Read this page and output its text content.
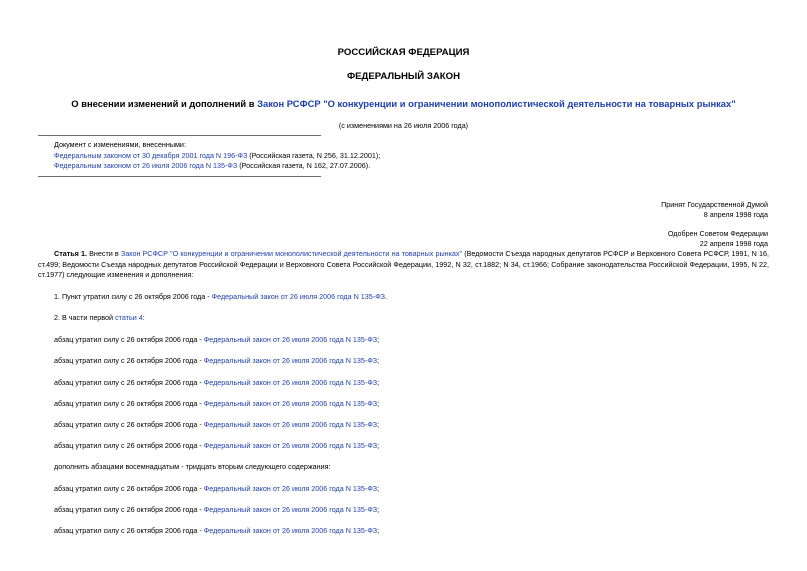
РОССИЙСКАЯ ФЕДЕРАЦИЯ
ФЕДЕРАЛЬНЫЙ ЗАКОН
О внесении изменений и дополнений в Закон РСФСР "О конкуренции и ограничении монополистической деятельности на товарных рынках"
(с изменениями на 26 июля 2006 года)
Документ с изменениями, внесенными:
Федеральным законом от 30 декабря 2001 года N 196-ФЗ (Российская газета, N 256, 31.12.2001);
Федеральным законом от 26 июля 2006 года N 135-ФЗ (Российская газета, N 162, 27.07.2006).
Принят Государственной Думой
8 апреля 1998 года
Одобрен Советом Федерации
22 апреля 1998 года
Статья 1. Внести в Закон РСФСР "О конкуренции и ограничении монополистической деятельности на товарных рынках" (Ведомости Съезда народных депутатов РСФСР и Верховного Совета РСФСР, 1991, N 16, ст.499; Ведомости Съезда народных депутатов Российской Федерации и Верховного Совета Российской Федерации, 1992, N 32, ст.1882; N 34, ст.1966; Собрание законодательства Российской Федерации, 1995, N 22, ст.1977) следующие изменения и дополнения:
1. Пункт утратил силу с 26 октября 2006 года - Федеральный закон от 26 июля 2006 года N 135-ФЗ.
2. В части первой статьи 4:
абзац утратил силу с 26 октября 2006 года - Федеральный закон от 26 июля 2006 года N 135-ФЗ;
абзац утратил силу с 26 октября 2006 года - Федеральный закон от 26 июля 2006 года N 135-ФЗ;
абзац утратил силу с 26 октября 2006 года - Федеральный закон от 26 июля 2006 года N 135-ФЗ;
абзац утратил силу с 26 октября 2006 года - Федеральный закон от 26 июля 2006 года N 135-ФЗ;
абзац утратил силу с 26 октября 2006 года - Федеральный закон от 26 июля 2006 года N 135-ФЗ;
абзац утратил силу с 26 октября 2006 года - Федеральный закон от 26 июля 2006 года N 135-ФЗ;
дополнить абзацами восемнадцатым - тридцать вторым следующего содержания:
абзац утратил силу с 26 октября 2006 года - Федеральный закон от 26 июля 2006 года N 135-ФЗ;
абзац утратил силу с 26 октября 2006 года - Федеральный закон от 26 июля 2006 года N 135-ФЗ;
абзац утратил силу с 26 октября 2006 года - Федеральный закон от 26 июля 2006 года N 135-ФЗ;
